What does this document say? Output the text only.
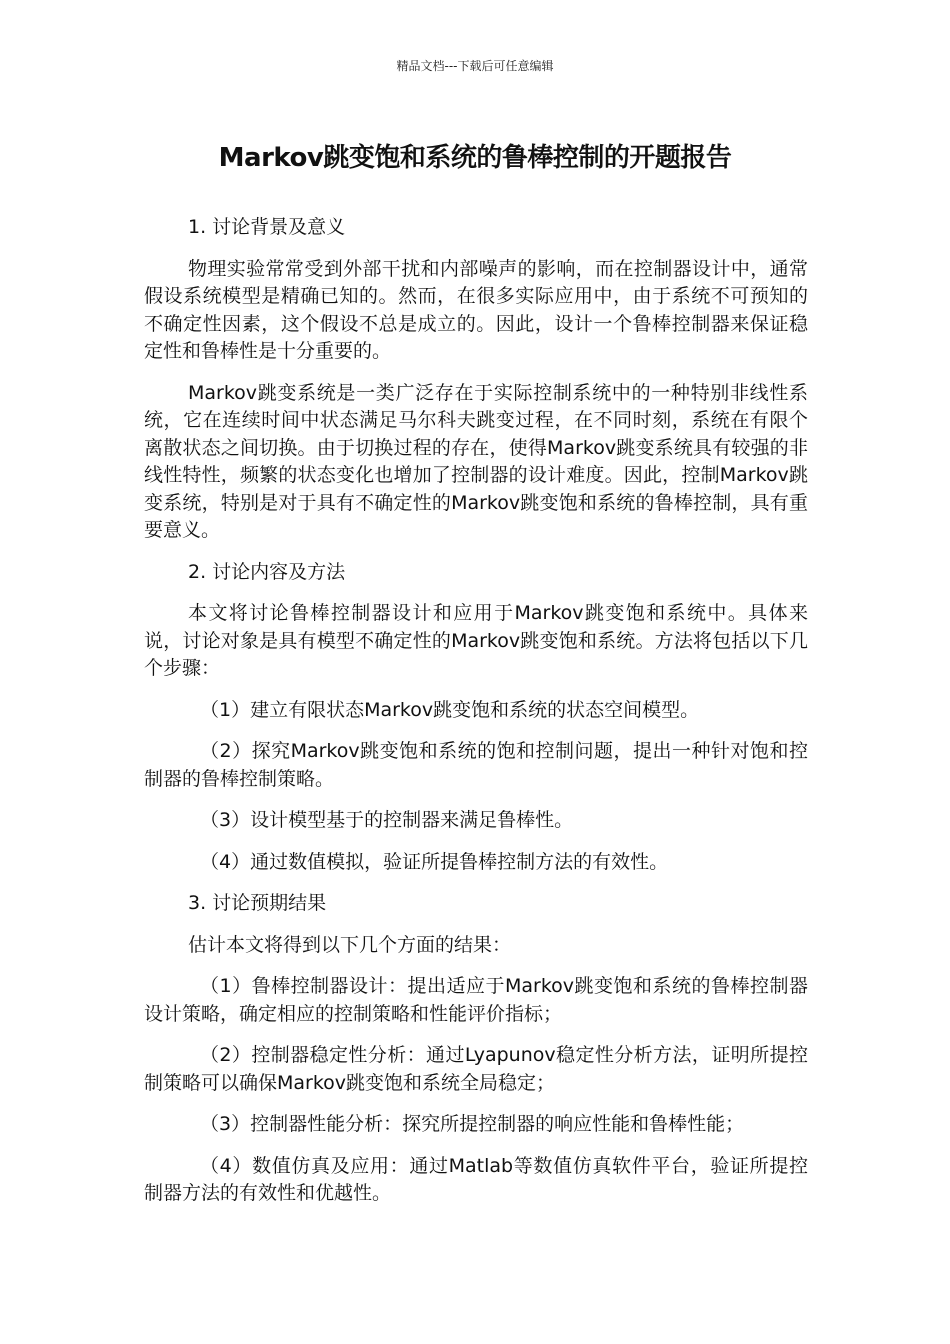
精品文档---下载后可任意编辑
Markov跳变饱和系统的鲁棒控制的开题报告

1. 讨论背景及意义

物理实验常常受到外部干扰和内部噪声的影响，而在控制器设计中，通常假设系统模型是精确已知的。然而，在很多实际应用中，由于系统不可预知的不确定性因素，这个假设不总是成立的。因此，设计一个鲁棒控制器来保证稳定性和鲁棒性是十分重要的。

Markov跳变系统是一类广泛存在于实际控制系统中的一种特别非线性系统，它在连续时间中状态满足马尔科夫跳变过程，在不同时刻，系统在有限个离散状态之间切换。由于切换过程的存在，使得Markov跳变系统具有较强的非线性特性，频繁的状态变化也增加了控制器的设计难度。因此，控制Markov跳变系统，特别是对于具有不确定性的Markov跳变饱和系统的鲁棒控制，具有重要意义。

2. 讨论内容及方法

本文将讨论鲁棒控制器设计和应用于Markov跳变饱和系统中。具体来说，讨论对象是具有模型不确定性的Markov跳变饱和系统。方法将包括以下几个步骤：

（1）建立有限状态Markov跳变饱和系统的状态空间模型。

（2）探究Markov跳变饱和系统的饱和控制问题，提出一种针对饱和控制器的鲁棒控制策略。

（3）设计模型基于的控制器来满足鲁棒性。

（4）通过数值模拟，验证所提鲁棒控制方法的有效性。

3. 讨论预期结果

估计本文将得到以下几个方面的结果：

（1）鲁棒控制器设计：提出适应于Markov跳变饱和系统的鲁棒控制器设计策略，确定相应的控制策略和性能评价指标；

（2）控制器稳定性分析：通过Lyapunov稳定性分析方法，证明所提控制策略可以确保Markov跳变饱和系统全局稳定；

（3）控制器性能分析：探究所提控制器的响应性能和鲁棒性能；

（4）数值仿真及应用：通过Matlab等数值仿真软件平台，验证所提控制器方法的有效性和优越性。
